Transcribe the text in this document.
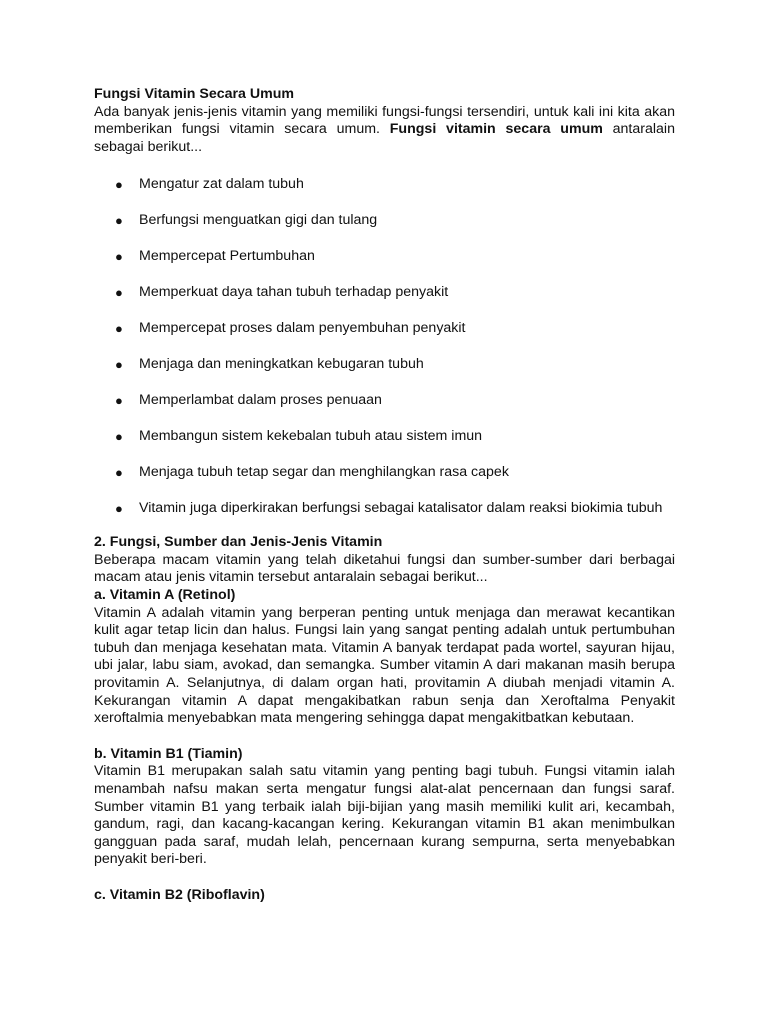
Fungsi Vitamin Secara Umum

Ada banyak jenis-jenis vitamin yang memiliki fungsi-fungsi tersendiri, untuk kali ini kita akan memberikan fungsi vitamin secara umum. Fungsi vitamin secara umum antaralain sebagai berikut...

● Mengatur zat dalam tubuh
● Berfungsi menguatkan gigi dan tulang
● Mempercepat Pertumbuhan
● Memperkuat daya tahan tubuh terhadap penyakit
● Mempercepat proses dalam penyembuhan penyakit
● Menjaga dan meningkatkan kebugaran tubuh
● Memperlambat dalam proses penuaan
● Membangun sistem kekebalan tubuh atau sistem imun
● Menjaga tubuh tetap segar dan menghilangkan rasa capek
● Vitamin juga diperkirakan berfungsi sebagai katalisator dalam reaksi biokimia tubuh

2. Fungsi, Sumber dan Jenis-Jenis Vitamin

Beberapa macam vitamin yang telah diketahui fungsi dan sumber-sumber dari berbagai macam atau jenis vitamin tersebut antaralain sebagai berikut...

a. Vitamin A (Retinol)

Vitamin A adalah vitamin yang berperan penting untuk menjaga dan merawat kecantikan kulit agar tetap licin dan halus. Fungsi lain yang sangat penting adalah untuk pertumbuhan tubuh dan menjaga kesehatan mata. Vitamin A banyak terdapat pada wortel, sayuran hijau, ubi jalar, labu siam, avokad, dan semangka. Sumber vitamin A dari makanan masih berupa provitamin A. Selanjutnya, di dalam organ hati, provitamin A diubah menjadi vitamin A. Kekurangan vitamin A dapat mengakibatkan rabun senja dan Xeroftalma Penyakit xeroftalmia menyebabkan mata mengering sehingga dapat mengakitbatkan kebutaan.

b. Vitamin B1 (Tiamin)

Vitamin B1 merupakan salah satu vitamin yang penting bagi tubuh. Fungsi vitamin ialah menambah nafsu makan serta mengatur fungsi alat-alat pencernaan dan fungsi saraf. Sumber vitamin B1 yang terbaik ialah biji-bijian yang masih memiliki kulit ari, kecambah, gandum, ragi, dan kacang-kacangan kering. Kekurangan vitamin B1 akan menimbulkan gangguan pada saraf, mudah lelah, pencernaan kurang sempurna, serta menyebabkan penyakit beri-beri.

c. Vitamin B2 (Riboflavin)
